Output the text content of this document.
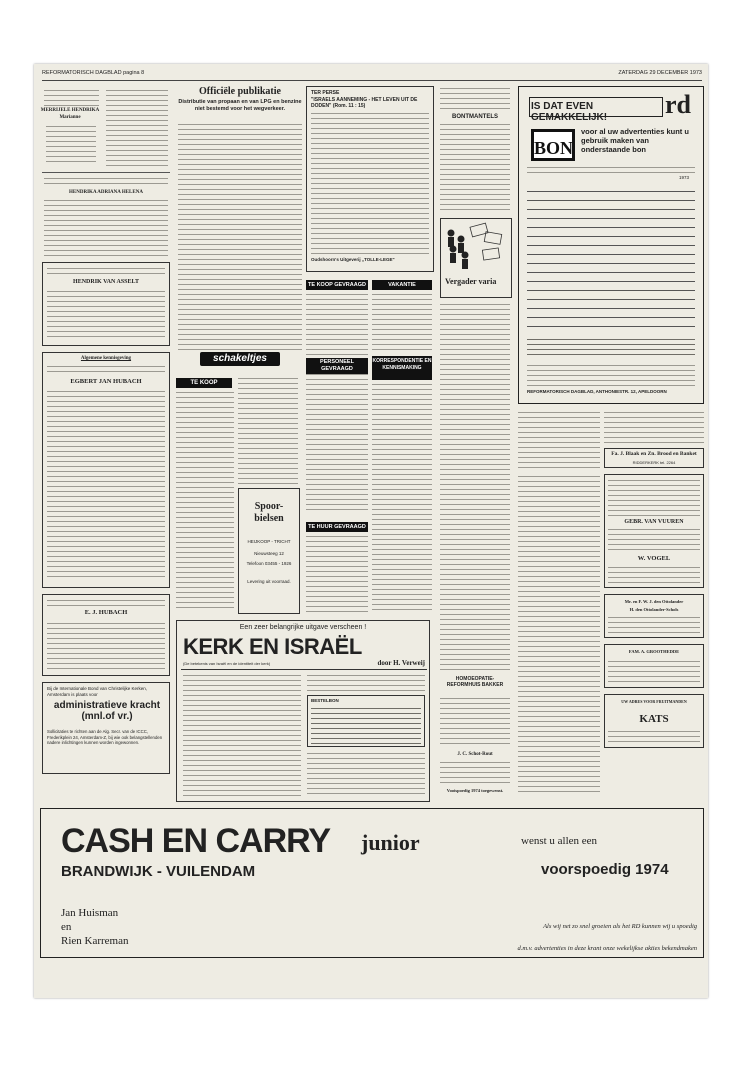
REFORMATORISCH DAGBLAD pagina 8	ZATERDAG 29 DECEMBER 1973
MERRIJELE HENDRIKA
Marianne
HENDRIKA ADRIANA HELENA
HENDRIK VAN ASSELT
Algemene kennisgeving
EGBERT JAN HUBACH
E. J. HUBACH
Bij de Internationale Bond van Christelijke Kerken, Amsterdam is plaats voor
administratieve kracht (mnl.of vr.)
Sollicitaties te richten aan de Alg. Secr. van de ICCC, Frederikplein 24, Amsterdam-Z, bij wie ook belangstellenden nadere inlichtingen kunnen worden ingewonnen.
Officiële publikatie
Distributie van propaan en van LPG en benzine niet bestemd voor het wegverkeer.
schakeltjes
TE KOOP
Spoor-
bielsen
HEIJKOOP - TRICHT
Nieuwsteeg 12
Telefoon 03455 - 1926
Levering uit voorraad.
Een zeer belangrijke uitgave verscheen !
KERK EN ISRAËL
(De betekenis van Israël en de identiteit der kerk)	door H. Verweij
BESTELBON
TER PERSE
"ISRAELS AANNEMING - HET LEVEN UIT DE DODEN" (Rom. 11 : 15)
Oudshoorn's Uitgeverij „TOLLE-LEGE"
TE KOOP GEVRAAGD	VAKANTIE
PERSONEEL GEVRAAGD
KORRESPONDENTIE EN KENNISMAKING
TE HUUR GEVRAAGD
BONTMANTELS
Vergader varia
HOMOEOPATIE-REFORMHUIS BAKKER
J. C. Schot-Rout
Vooispoedig 1974 toegewenst.
IS DAT EVEN GEMAKKELIJK!	rd
BON
voor al uw advertenties kunt u gebruik maken van onderstaande bon
1973
REFORMATORISCH DAGBLAD, ANTHONIESTR. 12, APELDOORN
Fa. J. Blaak en Zn. Brood en Banket
RIDDERKERK tel. 2264
GEBR. VAN VUUREN
W. VOGEL
Mr. en F. W. J. den Ottolander
H. den Ottolander-Schols
FAM. A. GROOTHEDDE
UW ADRES VOOR FRUITMANDEN
KATS
CASH EN CARRY	junior	wenst u allen een
BRANDWIJK - VUILENDAM	voorspoedig 1974
Jan Huisman
en
Rien Karreman
Als wij net zo snel groeien als het RD kunnen wij u spoedig
d.m.v. advertenties in deze krant onze wekelijkse akties bekendmaken
